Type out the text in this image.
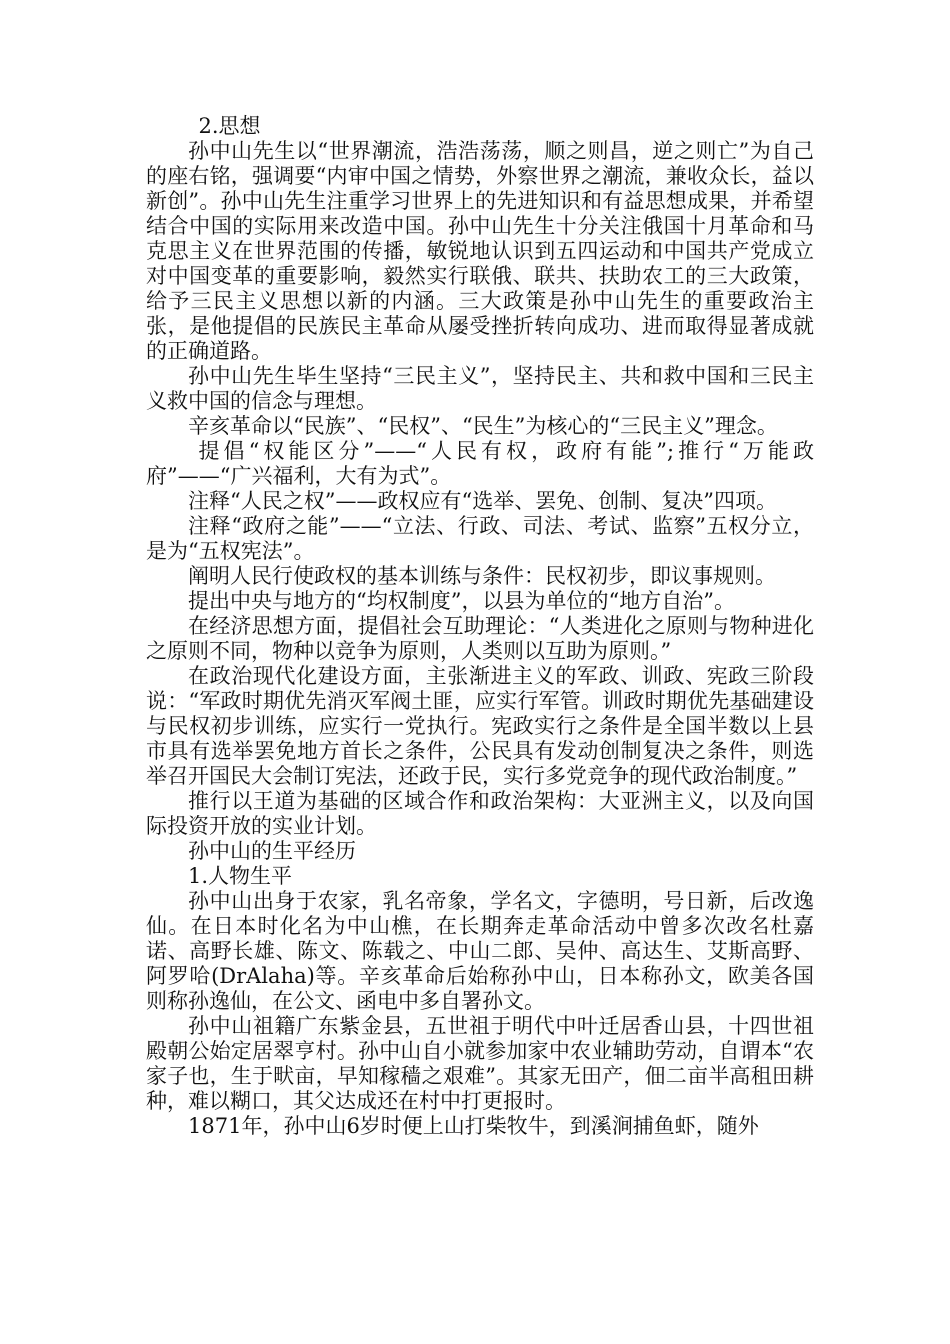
2.思想

孙中山先生以“世界潮流，浩浩荡荡，顺之则昌，逆之则亡”为自己的座右铭，强调要“内审中国之情势，外察世界之潮流，兼收众长，益以新创”。孙中山先生注重学习世界上的先进知识和有益思想成果，并希望结合中国的实际用来改造中国。孙中山先生十分关注俄国十月革命和马克思主义在世界范围的传播，敏锐地认识到五四运动和中国共产党成立对中国变革的重要影响，毅然实行联俄、联共、扶助农工的三大政策，给予三民主义思想以新的内涵。三大政策是孙中山先生的重要政治主张，是他提倡的民族民主革命从屡受挫折转向成功、进而取得显著成就的正确道路。

孙中山先生毕生坚持“三民主义”，坚持民主、共和救中国和三民主义救中国的信念与理想。

辛亥革命以“民族”、“民权”、“民生”为核心的“三民主义”理念。

提倡“权能区分”——“人民有权，政府有能”;推行“万能政府”——“广兴福利，大有为式”。

注释“人民之权”——政权应有“选举、罢免、创制、复决”四项。

注释“政府之能”——“立法、行政、司法、考试、监察”五权分立，是为“五权宪法”。

阐明人民行使政权的基本训练与条件：民权初步，即议事规则。

提出中央与地方的“均权制度”，以县为单位的“地方自治”。

在经济思想方面，提倡社会互助理论：“人类进化之原则与物种进化之原则不同，物种以竞争为原则，人类则以互助为原则。”

在政治现代化建设方面，主张渐进主义的军政、训政、宪政三阶段说：“军政时期优先消灭军阀土匪，应实行军管。训政时期优先基础建设与民权初步训练，应实行一党执行。宪政实行之条件是全国半数以上县市具有选举罢免地方首长之条件，公民具有发动创制复决之条件，则选举召开国民大会制订宪法，还政于民，实行多党竞争的现代政治制度。”

推行以王道为基础的区域合作和政治架构：大亚洲主义，以及向国际投资开放的实业计划。

孙中山的生平经历

1.人物生平

孙中山出身于农家，乳名帝象，学名文，字德明，号日新，后改逸仙。在日本时化名为中山樵，在长期奔走革命活动中曾多次改名杜嘉诺、高野长雄、陈文、陈载之、中山二郎、吴仲、高达生、艾斯高野、阿罗哈(DrAlaha)等。辛亥革命后始称孙中山，日本称孙文，欧美各国则称孙逸仙，在公文、函电中多自署孙文。

孙中山祖籍广东紫金县，五世祖于明代中叶迁居香山县，十四世祖殿朝公始定居翠亨村。孙中山自小就参加家中农业辅助劳动，自谓本“农家子也，生于畎亩，早知稼穑之艰难”。其家无田产，佃二亩半高租田耕种，难以糊口，其父达成还在村中打更报时。

1871年，孙中山6岁时便上山打柴牧牛，到溪涧捕鱼虾，随外
